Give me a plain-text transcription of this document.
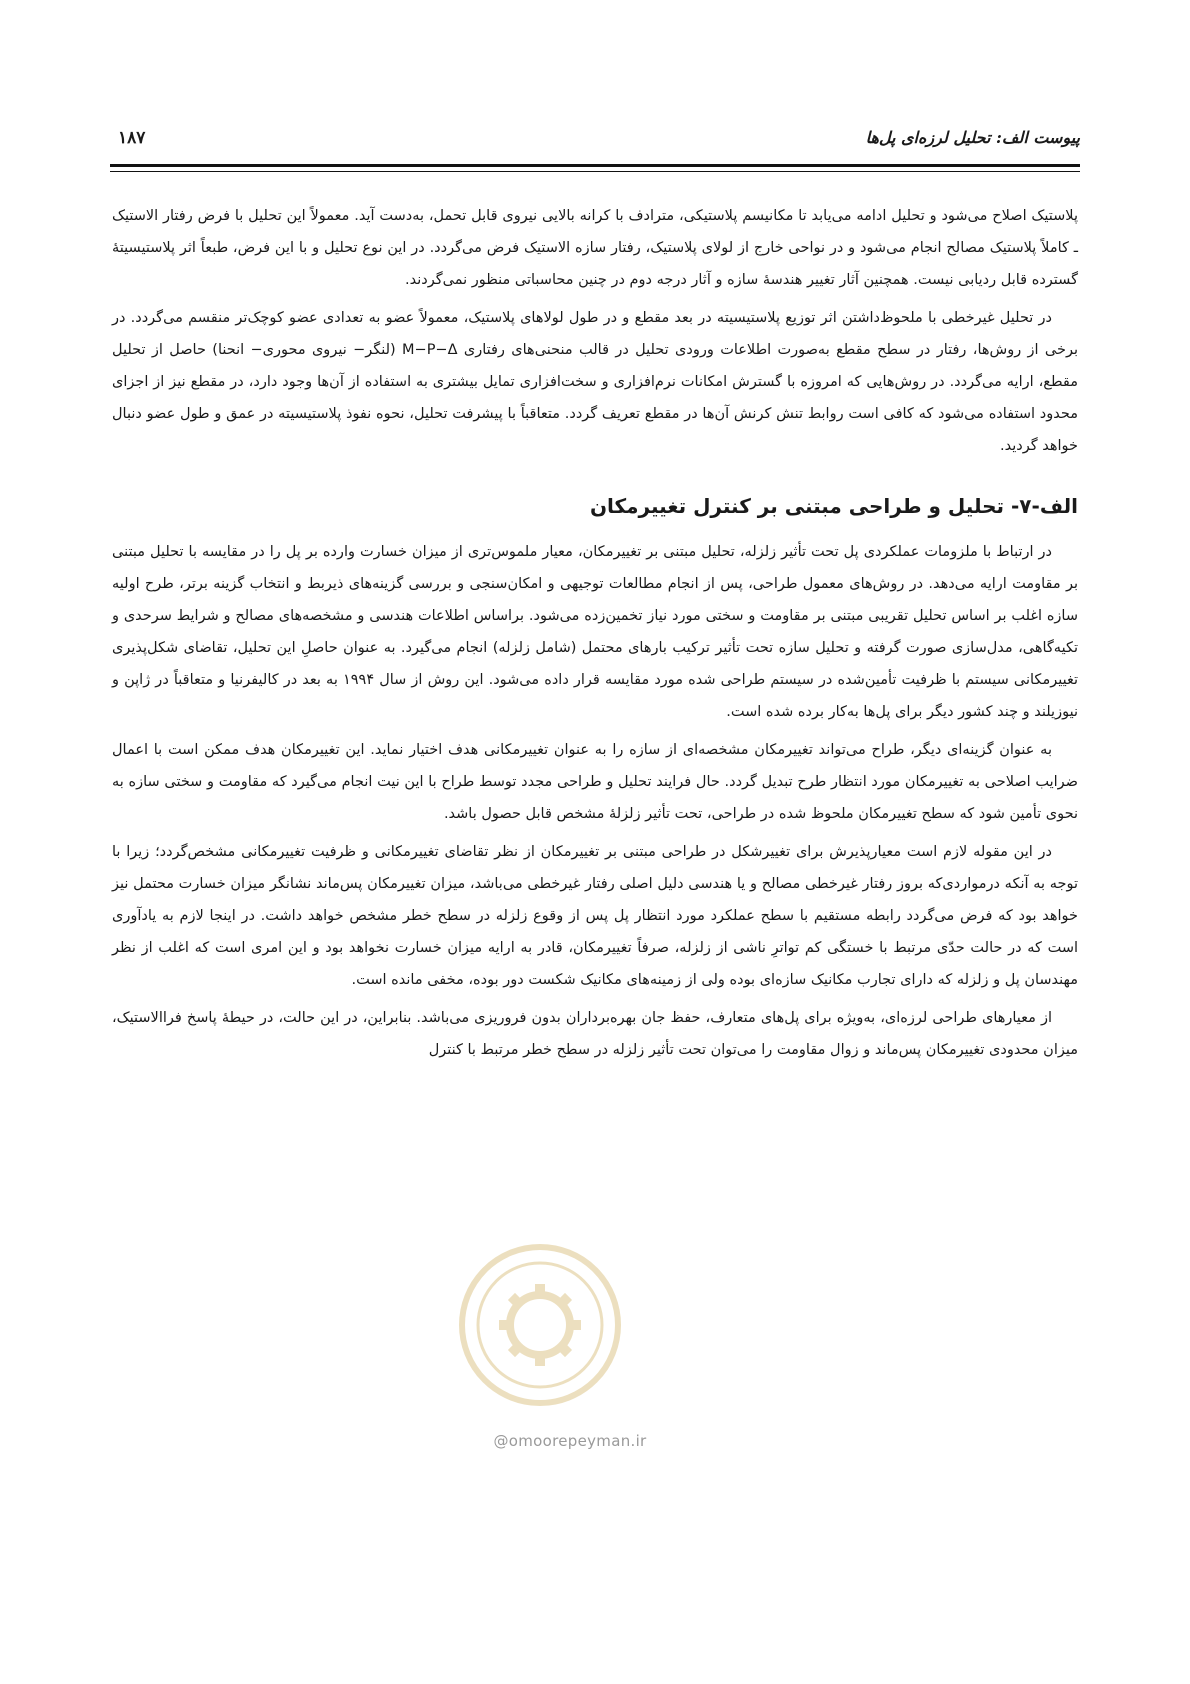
پیوست الف: تحلیل لرزه‌ای پل‌ها
۱۸۷

پلاستیک اصلاح می‌شود و تحلیل ادامه می‌یابد تا مکانیسم پلاستیکی، مترادف با کرانه بالایی نیروی قابل تحمل، به‌دست آید. معمولاً این تحلیل با فرض رفتار الاستیک ـ کاملاً پلاستیک مصالح انجام می‌شود و در نواحی خارج از لولای پلاستیک، رفتار سازه الاستیک فرض می‌گردد. در این نوع تحلیل و با این فرض، طبعاً اثر پلاستیسیتهٔ گسترده قابل ردیابی نیست. همچنین آثار تغییر هندسهٔ سازه و آثار درجه دوم در چنین محاسباتی منظور نمی‌گردند.

در تحلیل غیرخطی با ملحوظ‌داشتن اثر توزیع پلاستیسیته در بعد مقطع و در طول لولاهای پلاستیک، معمولاً عضو به تعدادی عضو کوچک‌تر منقسم می‌گردد. در برخی از روش‌ها، رفتار در سطح مقطع به‌صورت اطلاعات ورودی تحلیل در قالب منحنی‌های رفتاری M−P−Δ (لنگر− نیروی محوری− انحنا) حاصل از تحلیل مقطع، ارایه می‌گردد. در روش‌هایی که امروزه با گسترش امکانات نرم‌افزاری و سخت‌افزاری تمایل بیشتری به استفاده از آن‌ها وجود دارد، در مقطع نیز از اجزای محدود استفاده می‌شود که کافی است روابط تنش کرنش آن‌ها در مقطع تعریف گردد. متعاقباً با پیشرفت تحلیل، نحوه نفوذ پلاستیسیته در عمق و طول عضو دنبال خواهد گردید.

الف-۷- تحلیل و طراحی مبتنی بر کنترل تغییرمکان

در ارتباط با ملزومات عملکردی پل تحت تأثیر زلزله، تحلیل مبتنی بر تغییرمکان، معیار ملموس‌تری از میزان خسارت وارده بر پل را در مقایسه با تحلیل مبتنی بر مقاومت ارایه می‌دهد. در روش‌های معمول طراحی، پس از انجام مطالعات توجیهی و امکان‌سنجی و بررسی گزینه‌های ذیربط و انتخاب گزینه برتر، طرح اولیه سازه اغلب بر اساس تحلیل تقریبی مبتنی بر مقاومت و سختی مورد نیاز تخمین‌زده می‌شود. براساس اطلاعات هندسی و مشخصه‌های مصالح و شرایط سرحدی و تکیه‌گاهی، مدل‌سازی صورت گرفته و تحلیل سازه تحت تأثیر ترکیب بارهای محتمل (شامل زلزله) انجام می‌گیرد. به عنوان حاصلِ این تحلیل، تقاضای شکل‌پذیری تغییرمکانی سیستم با ظرفیت تأمین‌شده در سیستم طراحی شده مورد مقایسه قرار داده می‌شود. این روش از سال ۱۹۹۴ به بعد در کالیفرنیا و متعاقباً در ژاپن و نیوزیلند و چند کشور دیگر برای پل‌ها به‌کار برده شده است.

به عنوان گزینه‌ای دیگر، طراح می‌تواند تغییرمکان مشخصه‌ای از سازه را به عنوان تغییرمکانی هدف اختیار نماید. این تغییرمکان هدف ممکن است با اعمال ضرایب اصلاحی به تغییرمکان مورد انتظار طرح تبدیل گردد. حال فرایند تحلیل و طراحی مجدد توسط طراح با این نیت انجام می‌گیرد که مقاومت و سختی سازه به نحوی تأمین شود که سطح تغییرمکان ملحوظ شده در طراحی، تحت تأثیر زلزلهٔ مشخص قابل حصول باشد.

در این مقوله لازم است معیارپذیرش برای تغییرشکل در طراحی مبتنی بر تغییرمکان از نظر تقاضای تغییرمکانی و ظرفیت تغییرمکانی مشخص‌گردد؛ زیرا با توجه به آنکه درمواردی‌که بروز رفتار غیرخطی مصالح و یا هندسی دلیل اصلی رفتار غیرخطی می‌باشد، میزان تغییرمکان پس‌ماند نشانگر میزان خسارت محتمل نیز خواهد بود که فرض می‌گردد رابطه مستقیم با سطح عملکرد مورد انتظار پل پس از وقوع زلزله در سطح خطر مشخص خواهد داشت. در اینجا لازم به یادآوری است که در حالت حدّی مرتبط با خستگی کم تواترِ ناشی از زلزله، صرفاً تغییرمکان، قادر به ارایه میزان خسارت نخواهد بود و این امری است که اغلب از نظر مهندسان پل و زلزله که دارای تجارب مکانیک سازه‌ای بوده ولی از زمینه‌های مکانیک شکست دور بوده، مخفی مانده است.

از معیارهای طراحی لرزه‌ای، به‌ویژه برای پل‌های متعارف، حفظ جان بهره‌برداران بدون فروریزی می‌باشد. بنابراین، در این حالت، در حیطهٔ پاسخ فراالاستیک، میزان محدودی تغییرمکان پس‌ماند و زوال مقاومت را می‌توان تحت تأثیر زلزله در سطح خطر مرتبط با کنترل

@omoorepeyman.ir
